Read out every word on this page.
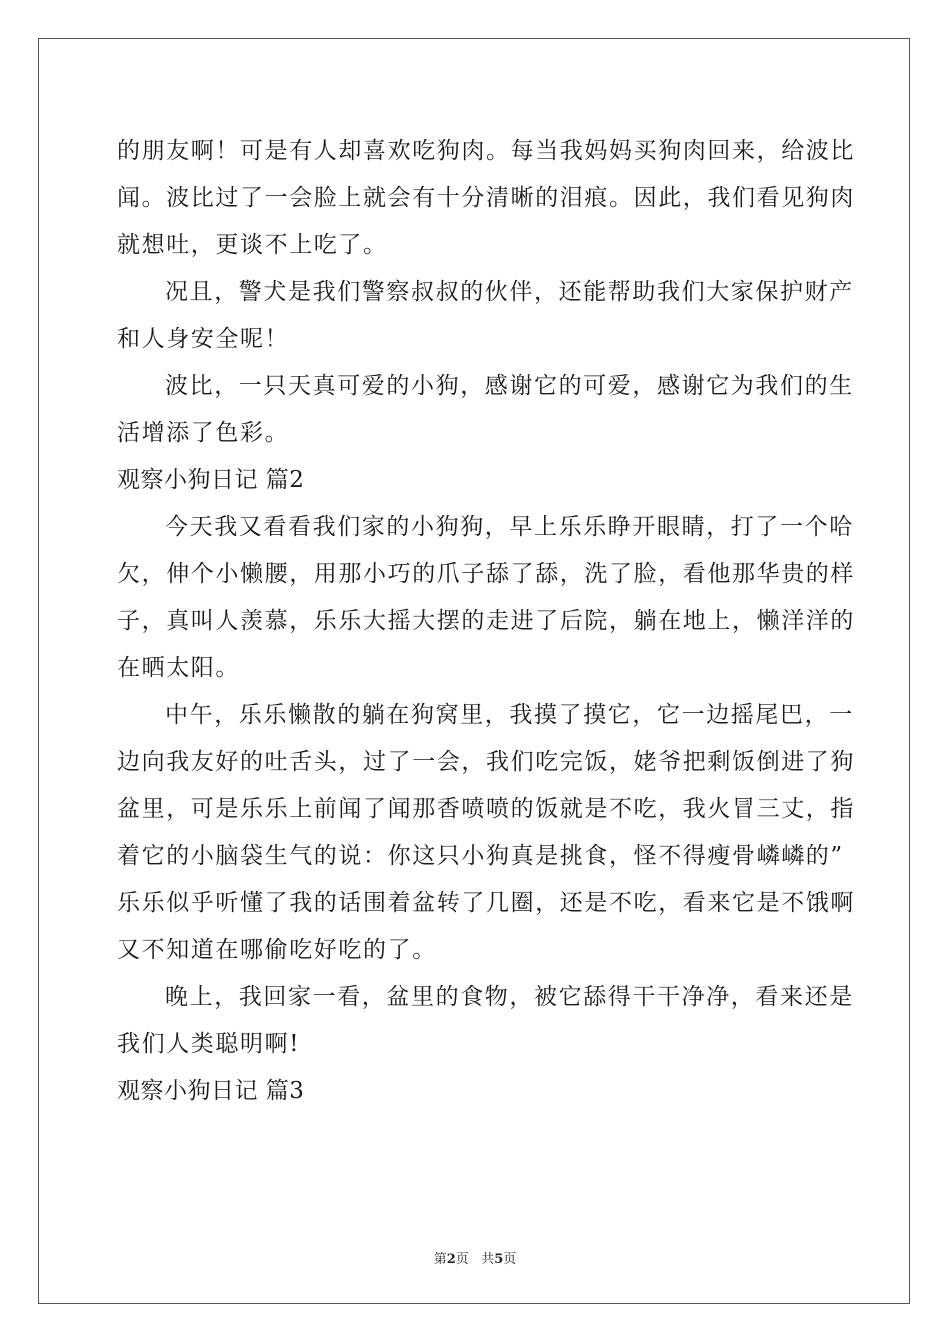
的朋友啊！可是有人却喜欢吃狗肉。每当我妈妈买狗肉回来，给波比
闻。波比过了一会脸上就会有十分清晰的泪痕。因此，我们看见狗肉
就想吐，更谈不上吃了。
况且，警犬是我们警察叔叔的伙伴，还能帮助我们大家保护财产
和人身安全呢！
波比，一只天真可爱的小狗，感谢它的可爱，感谢它为我们的生
活增添了色彩。
观察小狗日记 篇2
今天我又看看我们家的小狗狗，早上乐乐睁开眼睛，打了一个哈
欠，伸个小懒腰，用那小巧的爪子舔了舔，洗了脸，看他那华贵的样
子，真叫人羡慕，乐乐大摇大摆的走进了后院，躺在地上，懒洋洋的
在晒太阳。
中午，乐乐懒散的躺在狗窝里，我摸了摸它，它一边摇尾巴，一
边向我友好的吐舌头，过了一会，我们吃完饭，姥爷把剩饭倒进了狗
盆里，可是乐乐上前闻了闻那香喷喷的饭就是不吃，我火冒三丈，指
着它的小脑袋生气的说：你这只小狗真是挑食，怪不得瘦骨嶙嶙的”
乐乐似乎听懂了我的话围着盆转了几圈，还是不吃，看来它是不饿啊
又不知道在哪偷吃好吃的了。
晚上，我回家一看，盆里的食物，被它舔得干干净净，看来还是
我们人类聪明啊!
观察小狗日记 篇3
第2页 共5页
